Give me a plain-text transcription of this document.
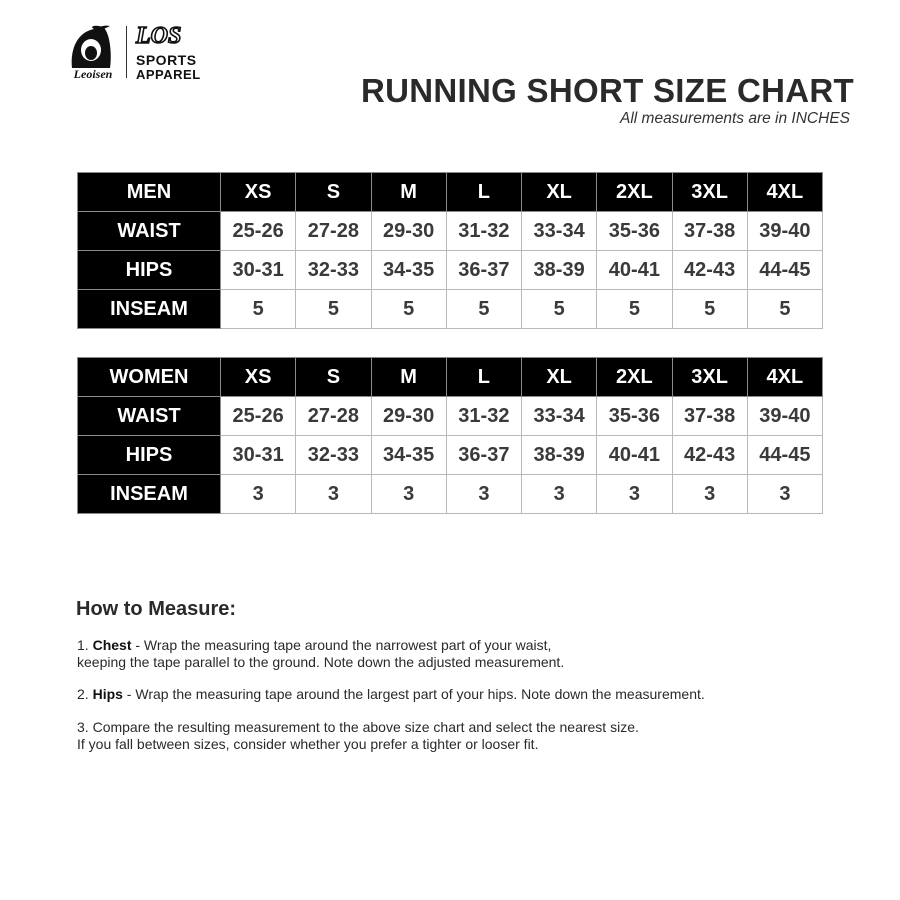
Leoisen
LOS
SPORTS
APPAREL	RUNNING SHORT SIZE CHART
All measurements are in INCHES
MEN	XS	S	M	L	XL	2XL	3XL	4XL
WAIST	25-26	27-28	29-30	31-32	33-34	35-36	37-38	39-40
HIPS	30-31	32-33	34-35	36-37	38-39	40-41	42-43	44-45
INSEAM	5	5	5	5	5	5	5	5
WOMEN	XS	S	M	L	XL	2XL	3XL	4XL
WAIST	25-26	27-28	29-30	31-32	33-34	35-36	37-38	39-40
HIPS	30-31	32-33	34-35	36-37	38-39	40-41	42-43	44-45
INSEAM	3	3	3	3	3	3	3	3
How to Measure:
1. Chest - Wrap the measuring tape around the narrowest part of your waist,
keeping the tape parallel to the ground. Note down the adjusted measurement.
2. Hips - Wrap the measuring tape around the largest part of your hips. Note down the measurement.
3. Compare the resulting measurement to the above size chart and select the nearest size.
If you fall between sizes, consider whether you prefer a tighter or looser fit.
